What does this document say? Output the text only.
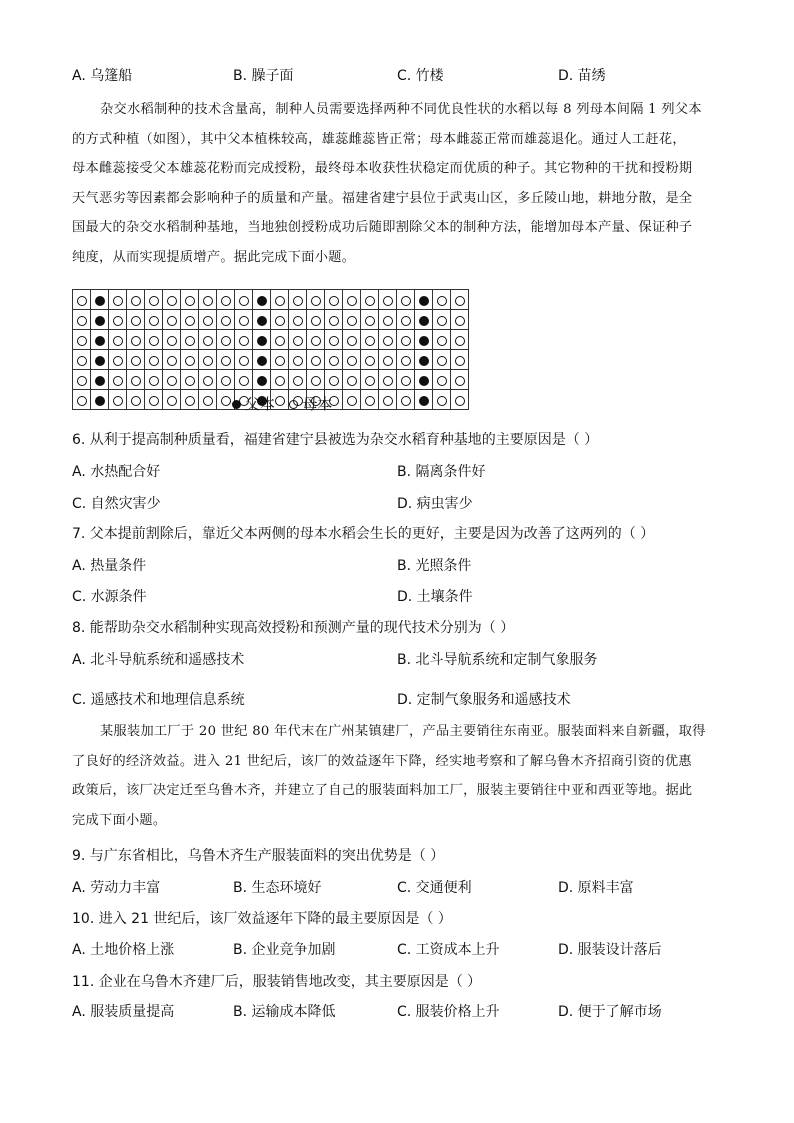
A. 乌篷船	B. 臊子面	C. 竹楼	D. 苗绣

杂交水稻制种的技术含量高，制种人员需要选择两种不同优良性状的水稻以每 8 列母本间隔 1 列父本

的方式种植（如图），其中父本植株较高，雄蕊雌蕊皆正常；母本雌蕊正常而雄蕊退化。通过人工赶花，

母本雌蕊接受父本雄蕊花粉而完成授粉，最终母本收获性状稳定而优质的种子。其它物种的干扰和授粉期

天气恶劣等因素都会影响种子的质量和产量。福建省建宁县位于武夷山区，多丘陵山地，耕地分散，是全

国最大的杂交水稻制种基地，当地独创授粉成功后随即割除父本的制种方法，能增加母本产量、保证种子

纯度，从而实现提质增产。据此完成下面小题。

父本 母本
6. 从利于提高制种质量看，福建省建宁县被选为杂交水稻育种基地的主要原因是（ ）
A. 水热配合好	B. 隔离条件好
C. 自然灾害少	D. 病虫害少
7. 父本提前割除后，靠近父本两侧的母本水稻会生长的更好，主要是因为改善了这两列的（ ）
A. 热量条件	B. 光照条件
C. 水源条件	D. 土壤条件
8. 能帮助杂交水稻制种实现高效授粉和预测产量的现代技术分别为（ ）
A. 北斗导航系统和遥感技术	B. 北斗导航系统和定制气象服务
C. 遥感技术和地理信息系统	D. 定制气象服务和遥感技术

某服装加工厂于 20 世纪 80 年代末在广州某镇建厂，产品主要销往东南亚。服装面料来自新疆，取得

了良好的经济效益。进入 21 世纪后，该厂的效益逐年下降，经实地考察和了解乌鲁木齐招商引资的优惠

政策后，该厂决定迁至乌鲁木齐，并建立了自己的服装面料加工厂，服装主要销往中亚和西亚等地。据此

完成下面小题。

9. 与广东省相比，乌鲁木齐生产服装面料的突出优势是（ ）
A. 劳动力丰富	B. 生态环境好	C. 交通便利	D. 原料丰富
10. 进入 21 世纪后，该厂效益逐年下降的最主要原因是（ ）
A. 土地价格上涨	B. 企业竞争加剧	C. 工资成本上升	D. 服装设计落后
11. 企业在乌鲁木齐建厂后，服装销售地改变，其主要原因是（ ）
A. 服装质量提高	B. 运输成本降低	C. 服装价格上升	D. 便于了解市场
